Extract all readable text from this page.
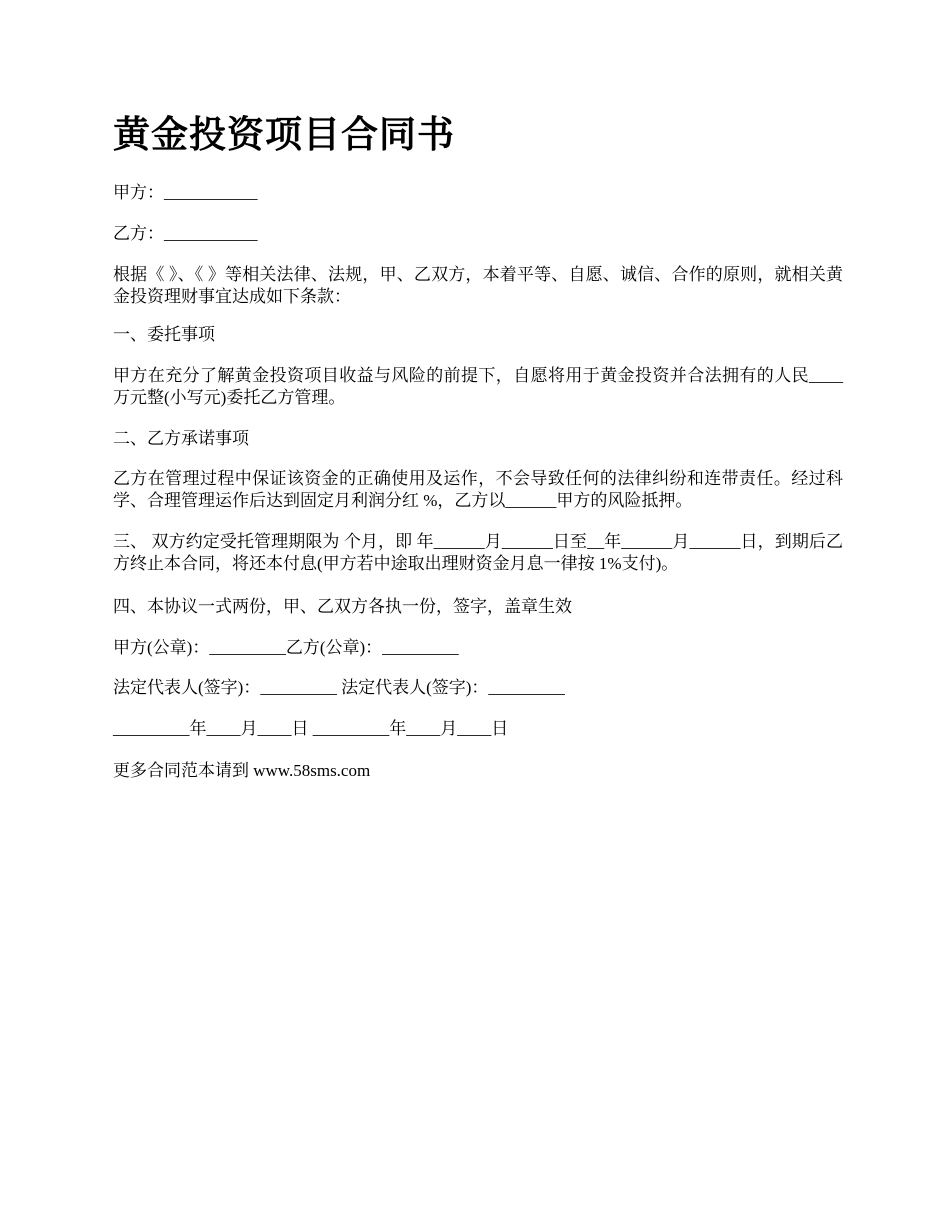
黄金投资项目合同书

甲方：___________

乙方：___________

根据《 》、《 》等相关法律、法规，甲、乙双方，本着平等、自愿、诚信、合作的原则，就相关黄金投资理财事宜达成如下条款：

一、委托事项

甲方在充分了解黄金投资项目收益与风险的前提下，自愿将用于黄金投资并合法拥有的人民____万元整(小写元)委托乙方管理。

二、乙方承诺事项

乙方在管理过程中保证该资金的正确使用及运作，不会导致任何的法律纠纷和连带责任。经过科学、合理管理运作后达到固定月利润分红 %，乙方以______甲方的风险抵押。

三、 双方约定受托管理期限为 个月，即 年______月______日至__年______月______日，到期后乙方终止本合同，将还本付息(甲方若中途取出理财资金月息一律按 1%支付)。

四、本协议一式两份，甲、乙双方各执一份，签字，盖章生效

甲方(公章)：_________乙方(公章)：_________

法定代表人(签字)：_________ 法定代表人(签字)：_________

_________年____月____日 _________年____月____日

更多合同范本请到 www.58sms.com
